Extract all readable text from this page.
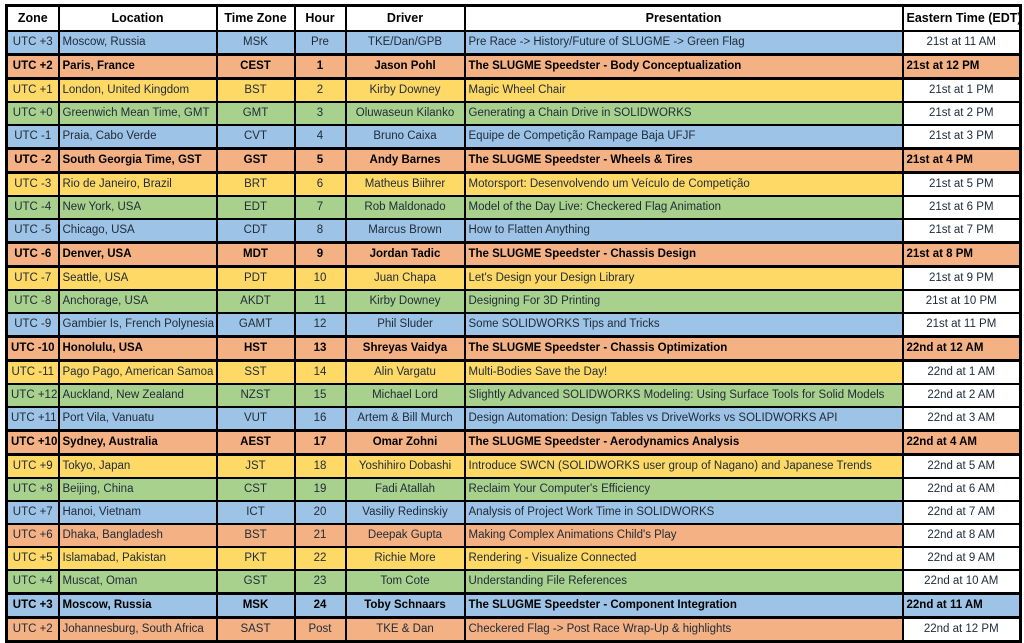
Zone	Location	Time Zone	Hour	Driver	Presentation	Eastern Time (EDT)
UTC +3	Moscow, Russia	MSK	Pre	TKE/Dan/GPB	Pre Race -> History/Future of SLUGME -> Green Flag	21st at 11 AM
UTC +2	Paris, France	CEST	1	Jason Pohl	The SLUGME Speedster - Body Conceptualization	21st at 12 PM
UTC +1	London, United Kingdom	BST	2	Kirby Downey	Magic Wheel Chair	21st at 1 PM
UTC +0	Greenwich Mean Time, GMT	GMT	3	Oluwaseun Kilanko	Generating a Chain Drive in SOLIDWORKS	21st at 2 PM
UTC -1	Praia, Cabo Verde	CVT	4	Bruno Caixa	Equipe de Competição Rampage Baja UFJF	21st at 3 PM
UTC -2	South Georgia Time, GST	GST	5	Andy Barnes	The SLUGME Speedster - Wheels & Tires	21st at 4 PM
UTC -3	Rio de Janeiro, Brazil	BRT	6	Matheus Biihrer	Motorsport: Desenvolvendo um Veículo de Competição	21st at 5 PM
UTC -4	New York, USA	EDT	7	Rob Maldonado	Model of the Day Live: Checkered Flag Animation	21st at 6 PM
UTC -5	Chicago, USA	CDT	8	Marcus Brown	How to Flatten Anything	21st at 7 PM
UTC -6	Denver, USA	MDT	9	Jordan Tadic	The SLUGME Speedster - Chassis Design	21st at 8 PM
UTC -7	Seattle, USA	PDT	10	Juan Chapa	Let's Design your Design Library	21st at 9 PM
UTC -8	Anchorage, USA	AKDT	11	Kirby Downey	Designing For 3D Printing	21st at 10 PM
UTC -9	Gambier Is, French Polynesia	GAMT	12	Phil Sluder	Some SOLIDWORKS Tips and Tricks	21st at 11 PM
UTC -10	Honolulu, USA	HST	13	Shreyas Vaidya	The SLUGME Speedster - Chassis Optimization	22nd at 12 AM
UTC -11	Pago Pago, American Samoa	SST	14	Alin Vargatu	Multi-Bodies Save the Day!	22nd at 1 AM
UTC +12	Auckland, New Zealand	NZST	15	Michael Lord	Slightly Advanced SOLIDWORKS Modeling: Using Surface Tools for Solid Models	22nd at 2 AM
UTC +11	Port Vila, Vanuatu	VUT	16	Artem & Bill Murch	Design Automation: Design Tables vs DriveWorks vs SOLIDWORKS API	22nd at 3 AM
UTC +10	Sydney, Australia	AEST	17	Omar Zohni	The SLUGME Speedster - Aerodynamics Analysis	22nd at 4 AM
UTC +9	Tokyo, Japan	JST	18	Yoshihiro Dobashi	Introduce SWCN (SOLIDWORKS user group of Nagano) and Japanese Trends	22nd at 5 AM
UTC +8	Beijing, China	CST	19	Fadi Atallah	Reclaim Your Computer's Efficiency	22nd at 6 AM
UTC +7	Hanoi, Vietnam	ICT	20	Vasiliy Redinskiy	Analysis of Project Work Time in SOLIDWORKS	22nd at 7 AM
UTC +6	Dhaka, Bangladesh	BST	21	Deepak Gupta	Making Complex Animations Child's Play	22nd at 8 AM
UTC +5	Islamabad, Pakistan	PKT	22	Richie More	Rendering - Visualize Connected	22nd at 9 AM
UTC +4	Muscat, Oman	GST	23	Tom Cote	Understanding File References	22nd at 10 AM
UTC +3	Moscow, Russia	MSK	24	Toby Schnaars	The SLUGME Speedster - Component Integration	22nd at 11 AM
UTC +2	Johannesburg, South Africa	SAST	Post	TKE & Dan	Checkered Flag -> Post Race Wrap-Up & highlights	22nd at 12 PM
